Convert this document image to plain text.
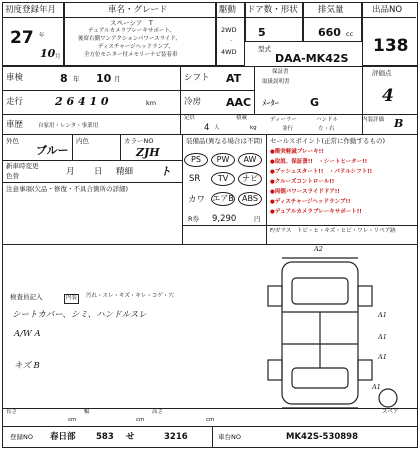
初度登録年月
27
10
年
月
車名・グレード
スペーシア　T
デュアルカメラブレーキサポート、
後席右側ワンアクションパワースライド、
ディスチャージヘッドランプ、
全方位モニター付メモリーナビ装着車
駆動
2WD
4WD
·
ドア数・形状
5
排気量
660 cc
型式
DAA-MK42S
出品NO
138
車検	8 年 10 月
走行	2 6 4 1 0	km
シフト AT
冷房 AAC
保証書
取扱説明書
ﾒｰﾀｰ	G
評価点
4
車歴	自家用・レンタ・事業用
定員
4 人
積載
kg
ディーラー
並行
ハンドル
左・右
内装評価 B
外色
ブルー
内色	カラーNO
ZJH
新車時変更
色替	月 日 精細 ト
注意事項(欠品・修復・不具合箇所の詳細)
装備品(異なる場合は不問) セールスポイント(正常に作動するもの)
PS	PW	AW
SR	TV	ナビ
カワ エアB	ABS
R券 9,290	円
●衝突軽減ブレーキ!!
●取説、保証書!!　・シートヒーター!!
●プッシュスタート!!　・パドルシフト!!
●クルーズコントロール!!
●両側パワースライドドア!!
●ディスチャージヘッドランプ!!
●デュアルカメラブレーキサポート!!
F/ガラス　トビ・ヒ・キズ・ヒビ・ワレ・リペア跡
A2
A1
A1
A1
A1
スペア
検査員記入	内装	汚れ・スレ・キズ・キレ・コゲ・穴
シートカバー、シミ、ハンドルスレ
A/W A
キズ B
長さ
cm
幅
cm
高さ
cm
登録NO 春日部 583 せ	3216	車台NO	MK42S-530898
